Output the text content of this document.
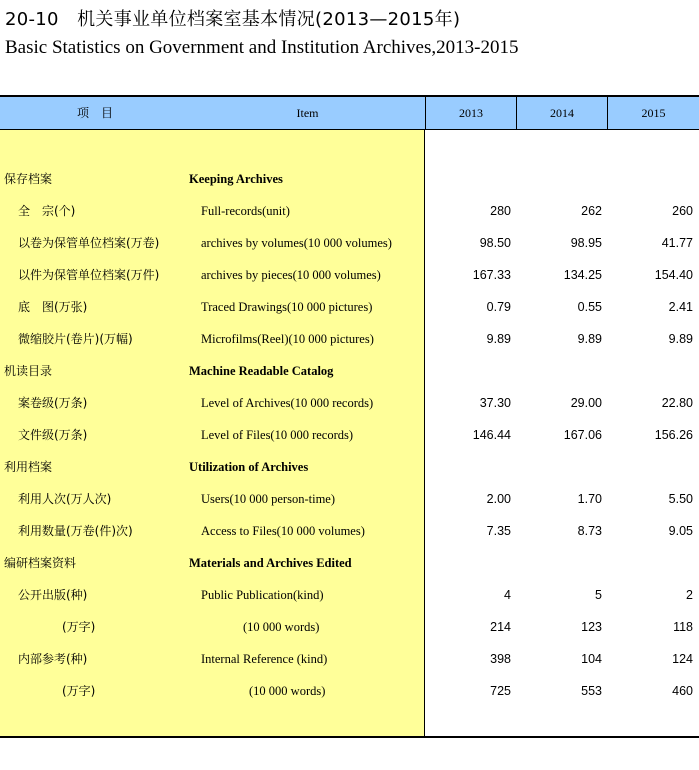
20-10　机关事业单位档案室基本情况(2013—2015年)
Basic Statistics on Government and Institution Archives,2013-2015
项　目	Item	2013	2014	2015
保存档案	Keeping Archives
全　宗(个)	Full-records(unit)	280	262	260
以卷为保管单位档案(万卷)	archives by volumes(10 000 volumes)	98.50	98.95	41.77
以件为保管单位档案(万件)	archives by pieces(10 000 volumes)	167.33	134.25	154.40
底　图(万张)	Traced Drawings(10 000 pictures)	0.79	0.55	2.41
微缩胶片(卷片)(万幅)	Microfilms(Reel)(10 000 pictures)	9.89	9.89	9.89
机读目录	Machine Readable Catalog
案卷级(万条)	Level of Archives(10 000 records)	37.30	29.00	22.80
文件级(万条)	Level of Files(10 000 records)	146.44	167.06	156.26
利用档案	Utilization of Archives
利用人次(万人次)	Users(10 000 person-time)	2.00	1.70	5.50
利用数量(万卷(件)次)	Access to Files(10 000 volumes)	7.35	8.73	9.05
编研档案资料	Materials and Archives Edited
公开出版(种)	Public Publication(kind)	4	5	2
(万字)	(10 000 words)	214	123	118
内部参考(种)	Internal Reference (kind)	398	104	124
(万字)	(10 000 words)	725	553	460
